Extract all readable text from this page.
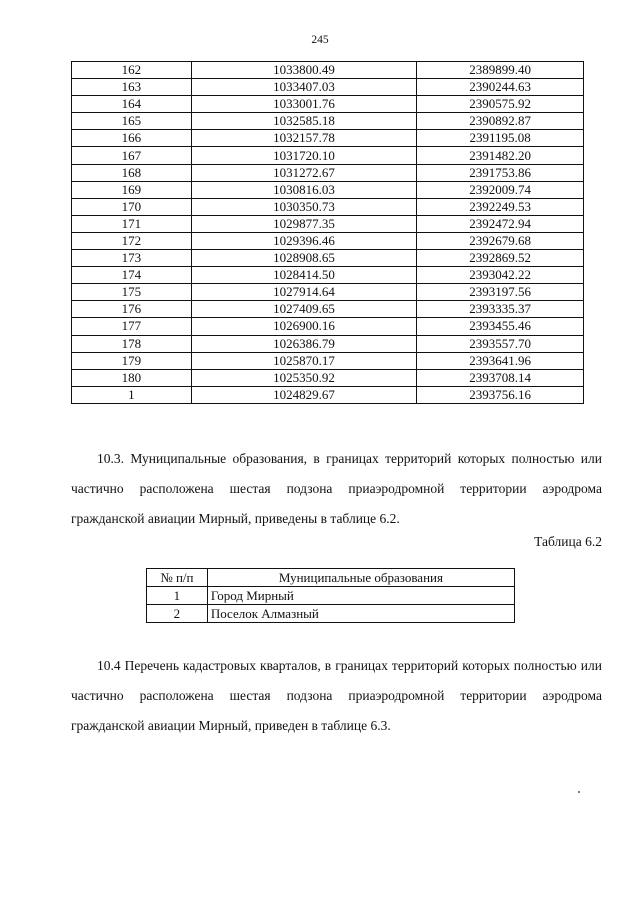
245
162	1033800.49	2389899.40
163	1033407.03	2390244.63
164	1033001.76	2390575.92
165	1032585.18	2390892.87
166	1032157.78	2391195.08
167	1031720.10	2391482.20
168	1031272.67	2391753.86
169	1030816.03	2392009.74
170	1030350.73	2392249.53
171	1029877.35	2392472.94
172	1029396.46	2392679.68
173	1028908.65	2392869.52
174	1028414.50	2393042.22
175	1027914.64	2393197.56
176	1027409.65	2393335.37
177	1026900.16	2393455.46
178	1026386.79	2393557.70
179	1025870.17	2393641.96
180	1025350.92	2393708.14
1	1024829.67	2393756.16

10.3. Муниципальные образования, в границах территорий которых полностью или частично расположена шестая подзона приаэродромной территории аэродрома гражданской авиации Мирный, приведены в таблице 6.2.

Таблица 6.2
№ п/п	Муниципальные образования
1	Город Мирный
2	Поселок Алмазный

10.4 Перечень кадастровых кварталов, в границах территорий которых полностью или частично расположена шестая подзона приаэродромной территории аэродрома гражданской авиации Мирный, приведен в таблице 6.3.
